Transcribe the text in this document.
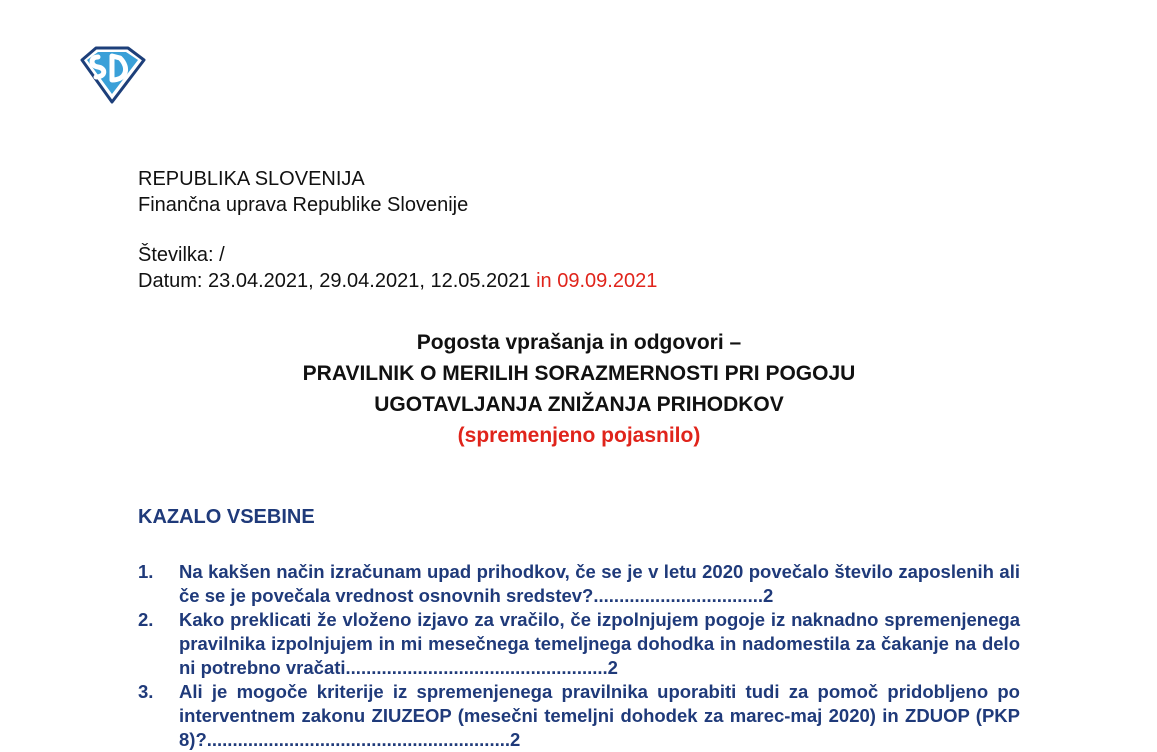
REPUBLIKA SLOVENIJA
Finančna uprava Republike Slovenije
Številka: /
Datum: 23.04.2021, 29.04.2021, 12.05.2021 in 09.09.2021
Pogosta vprašanja in odgovori –
PRAVILNIK O MERILIH SORAZMERNOSTI PRI POGOJU
UGOTAVLJANJA ZNIŽANJA PRIHODKOV
(spremenjeno pojasnilo)
KAZALO VSEBINE
1.	Na kakšen način izračunam upad prihodkov, če se je v letu 2020 povečalo število zaposlenih ali če se je povečala vrednost osnovnih sredstev?.................................2
2.	Kako preklicati že vloženo izjavo za vračilo, če izpolnjujem pogoje iz naknadno spremenjenega pravilnika izpolnjujem in mi mesečnega temeljnega dohodka in nadomestila za čakanje na delo ni potrebno vračati...................................................2
3.	Ali je mogoče kriterije iz spremenjenega pravilnika uporabiti tudi za pomoč pridobljeno po interventnem zakonu ZIUZEOP (mesečni temeljni dohodek za marec-maj 2020) in ZDUOP (PKP 8)?...........................................................2
